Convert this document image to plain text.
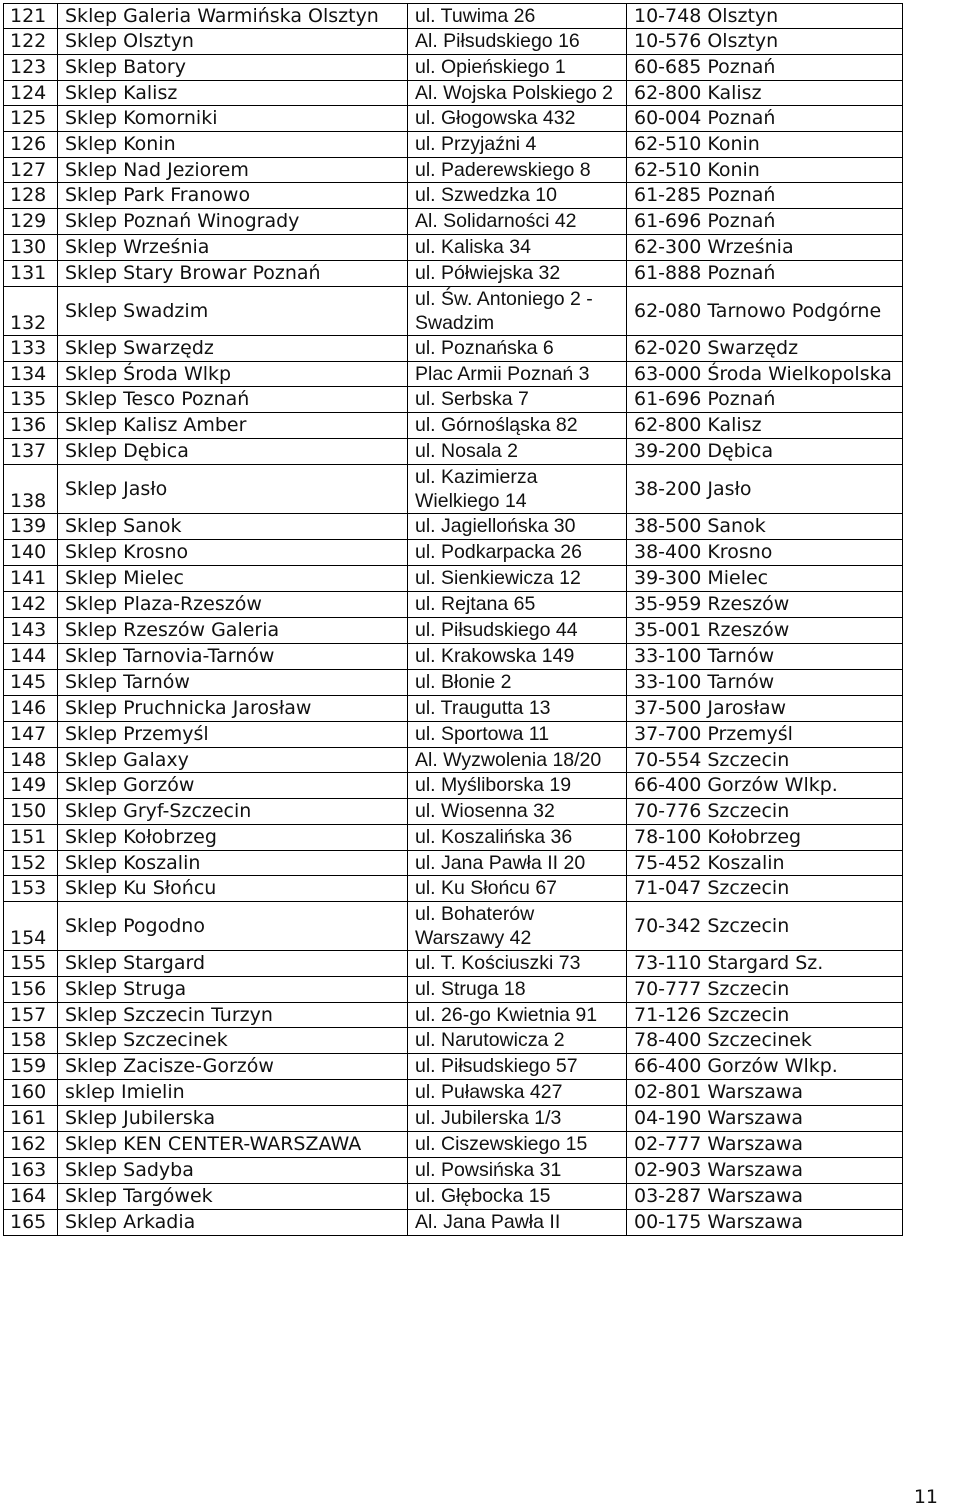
121	Sklep Galeria Warmińska Olsztyn	ul. Tuwima 26	10-748 Olsztyn
122	Sklep Olsztyn	Al. Piłsudskiego 16	10-576 Olsztyn
123	Sklep Batory	ul. Opieńskiego 1	60-685 Poznań
124	Sklep Kalisz	Al. Wojska Polskiego 2	62-800 Kalisz
125	Sklep Komorniki	ul. Głogowska 432	60-004 Poznań
126	Sklep Konin	ul. Przyjaźni 4	62-510 Konin
127	Sklep Nad Jeziorem	ul. Paderewskiego 8	62-510 Konin
128	Sklep Park Franowo	ul. Szwedzka 10	61-285 Poznań
129	Sklep Poznań Winogrady	Al. Solidarności 42	61-696 Poznań
130	Sklep Września	ul. Kaliska 34	62-300 Września
131	Sklep Stary Browar Poznań	ul. Półwiejska 32	61-888 Poznań
132	Sklep Swadzim	ul. Św. Antoniego 2 -Swadzim	62-080 Tarnowo Podgórne
133	Sklep Swarzędz	ul. Poznańska 6	62-020 Swarzędz
134	Sklep Środa Wlkp	Plac Armii Poznań 3	63-000 Środa Wielkopolska
135	Sklep Tesco Poznań	ul. Serbska 7	61-696 Poznań
136	Sklep Kalisz Amber	ul. Górnośląska 82	62-800 Kalisz
137	Sklep Dębica	ul. Nosala 2	39-200 Dębica
138	Sklep Jasło	ul. Kazimierza Wielkiego 14	38-200 Jasło
139	Sklep Sanok	ul. Jagiellońska 30	38-500 Sanok
140	Sklep Krosno	ul. Podkarpacka 26	38-400 Krosno
141	Sklep Mielec	ul. Sienkiewicza 12	39-300 Mielec
142	Sklep Plaza-Rzeszów	ul. Rejtana 65	35-959 Rzeszów
143	Sklep Rzeszów Galeria	ul. Piłsudskiego 44	35-001 Rzeszów
144	Sklep Tarnovia-Tarnów	ul. Krakowska 149	33-100 Tarnów
145	Sklep Tarnów	ul. Błonie 2	33-100 Tarnów
146	Sklep Pruchnicka Jarosław	ul. Traugutta 13	37-500 Jarosław
147	Sklep Przemyśl	ul. Sportowa 11	37-700 Przemyśl
148	Sklep Galaxy	Al. Wyzwolenia 18/20	70-554 Szczecin
149	Sklep Gorzów	ul. Myśliborska 19	66-400 Gorzów Wlkp.
150	Sklep Gryf-Szczecin	ul. Wiosenna 32	70-776 Szczecin
151	Sklep Kołobrzeg	ul. Koszalińska 36	78-100 Kołobrzeg
152	Sklep Koszalin	ul. Jana Pawła II 20	75-452 Koszalin
153	Sklep Ku Słońcu	ul. Ku Słońcu 67	71-047 Szczecin
154	Sklep Pogodno	ul. Bohaterów Warszawy 42	70-342 Szczecin
155	Sklep Stargard	ul. T. Kościuszki 73	73-110 Stargard Sz.
156	Sklep Struga	ul. Struga 18	70-777 Szczecin
157	Sklep Szczecin Turzyn	ul. 26-go Kwietnia 91	71-126 Szczecin
158	Sklep Szczecinek	ul. Narutowicza 2	78-400 Szczecinek
159	Sklep Zacisze-Gorzów	ul. Piłsudskiego 57	66-400 Gorzów Wlkp.
160	sklep Imielin	ul. Puławska 427	02-801 Warszawa
161	Sklep Jubilerska	ul. Jubilerska 1/3	04-190 Warszawa
162	Sklep KEN CENTER-WARSZAWA	ul. Ciszewskiego 15	02-777 Warszawa
163	Sklep Sadyba	ul. Powsińska 31	02-903 Warszawa
164	Sklep Targówek	ul. Głębocka 15	03-287 Warszawa
165	Sklep Arkadia	Al. Jana Pawła II	00-175 Warszawa
11
